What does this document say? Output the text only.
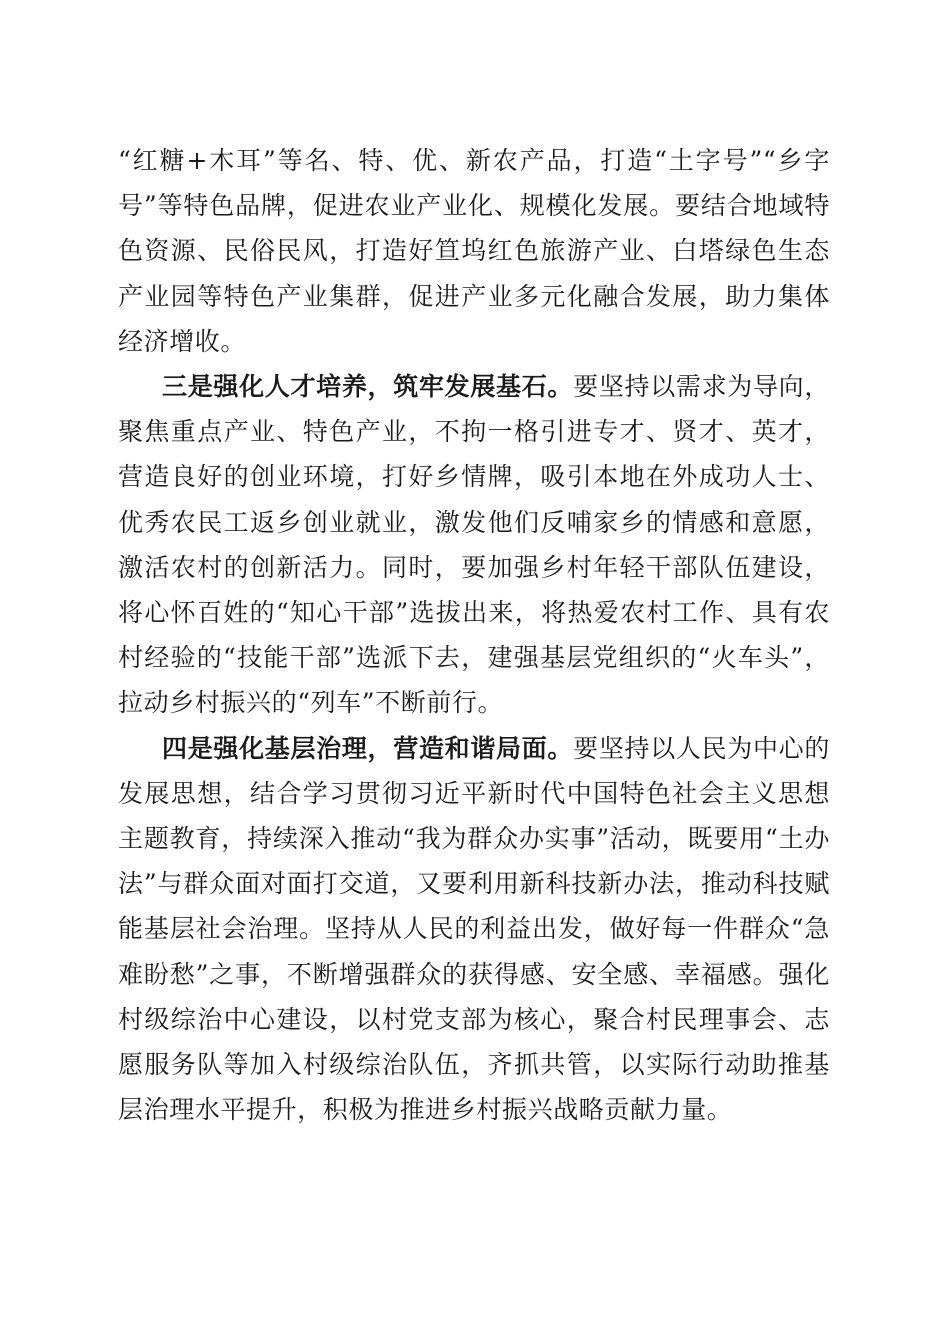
“红糖+木耳”等名、特、优、新农产品，打造“土字号”“乡字号”等特色品牌，促进农业产业化、规模化发展。要结合地域特色资源、民俗民风，打造好笪坞红色旅游产业、白塔绿色生态产业园等特色产业集群，促进产业多元化融合发展，助力集体经济增收。

三是强化人才培养，筑牢发展基石。要坚持以需求为导向，聚焦重点产业、特色产业，不拘一格引进专才、贤才、英才，营造良好的创业环境，打好乡情牌，吸引本地在外成功人士、优秀农民工返乡创业就业，激发他们反哺家乡的情感和意愿，激活农村的创新活力。同时，要加强乡村年轻干部队伍建设，将心怀百姓的“知心干部”选拔出来，将热爱农村工作、具有农村经验的“技能干部”选派下去，建强基层党组织的“火车头”，拉动乡村振兴的“列车”不断前行。

四是强化基层治理，营造和谐局面。要坚持以人民为中心的发展思想，结合学习贯彻习近平新时代中国特色社会主义思想主题教育，持续深入推动“我为群众办实事”活动，既要用“土办法”与群众面对面打交道，又要利用新科技新办法，推动科技赋能基层社会治理。坚持从人民的利益出发，做好每一件群众“急难盼愁”之事，不断增强群众的获得感、安全感、幸福感。强化村级综治中心建设，以村党支部为核心，聚合村民理事会、志愿服务队等加入村级综治队伍，齐抓共管，以实际行动助推基层治理水平提升，积极为推进乡村振兴战略贡献力量。
